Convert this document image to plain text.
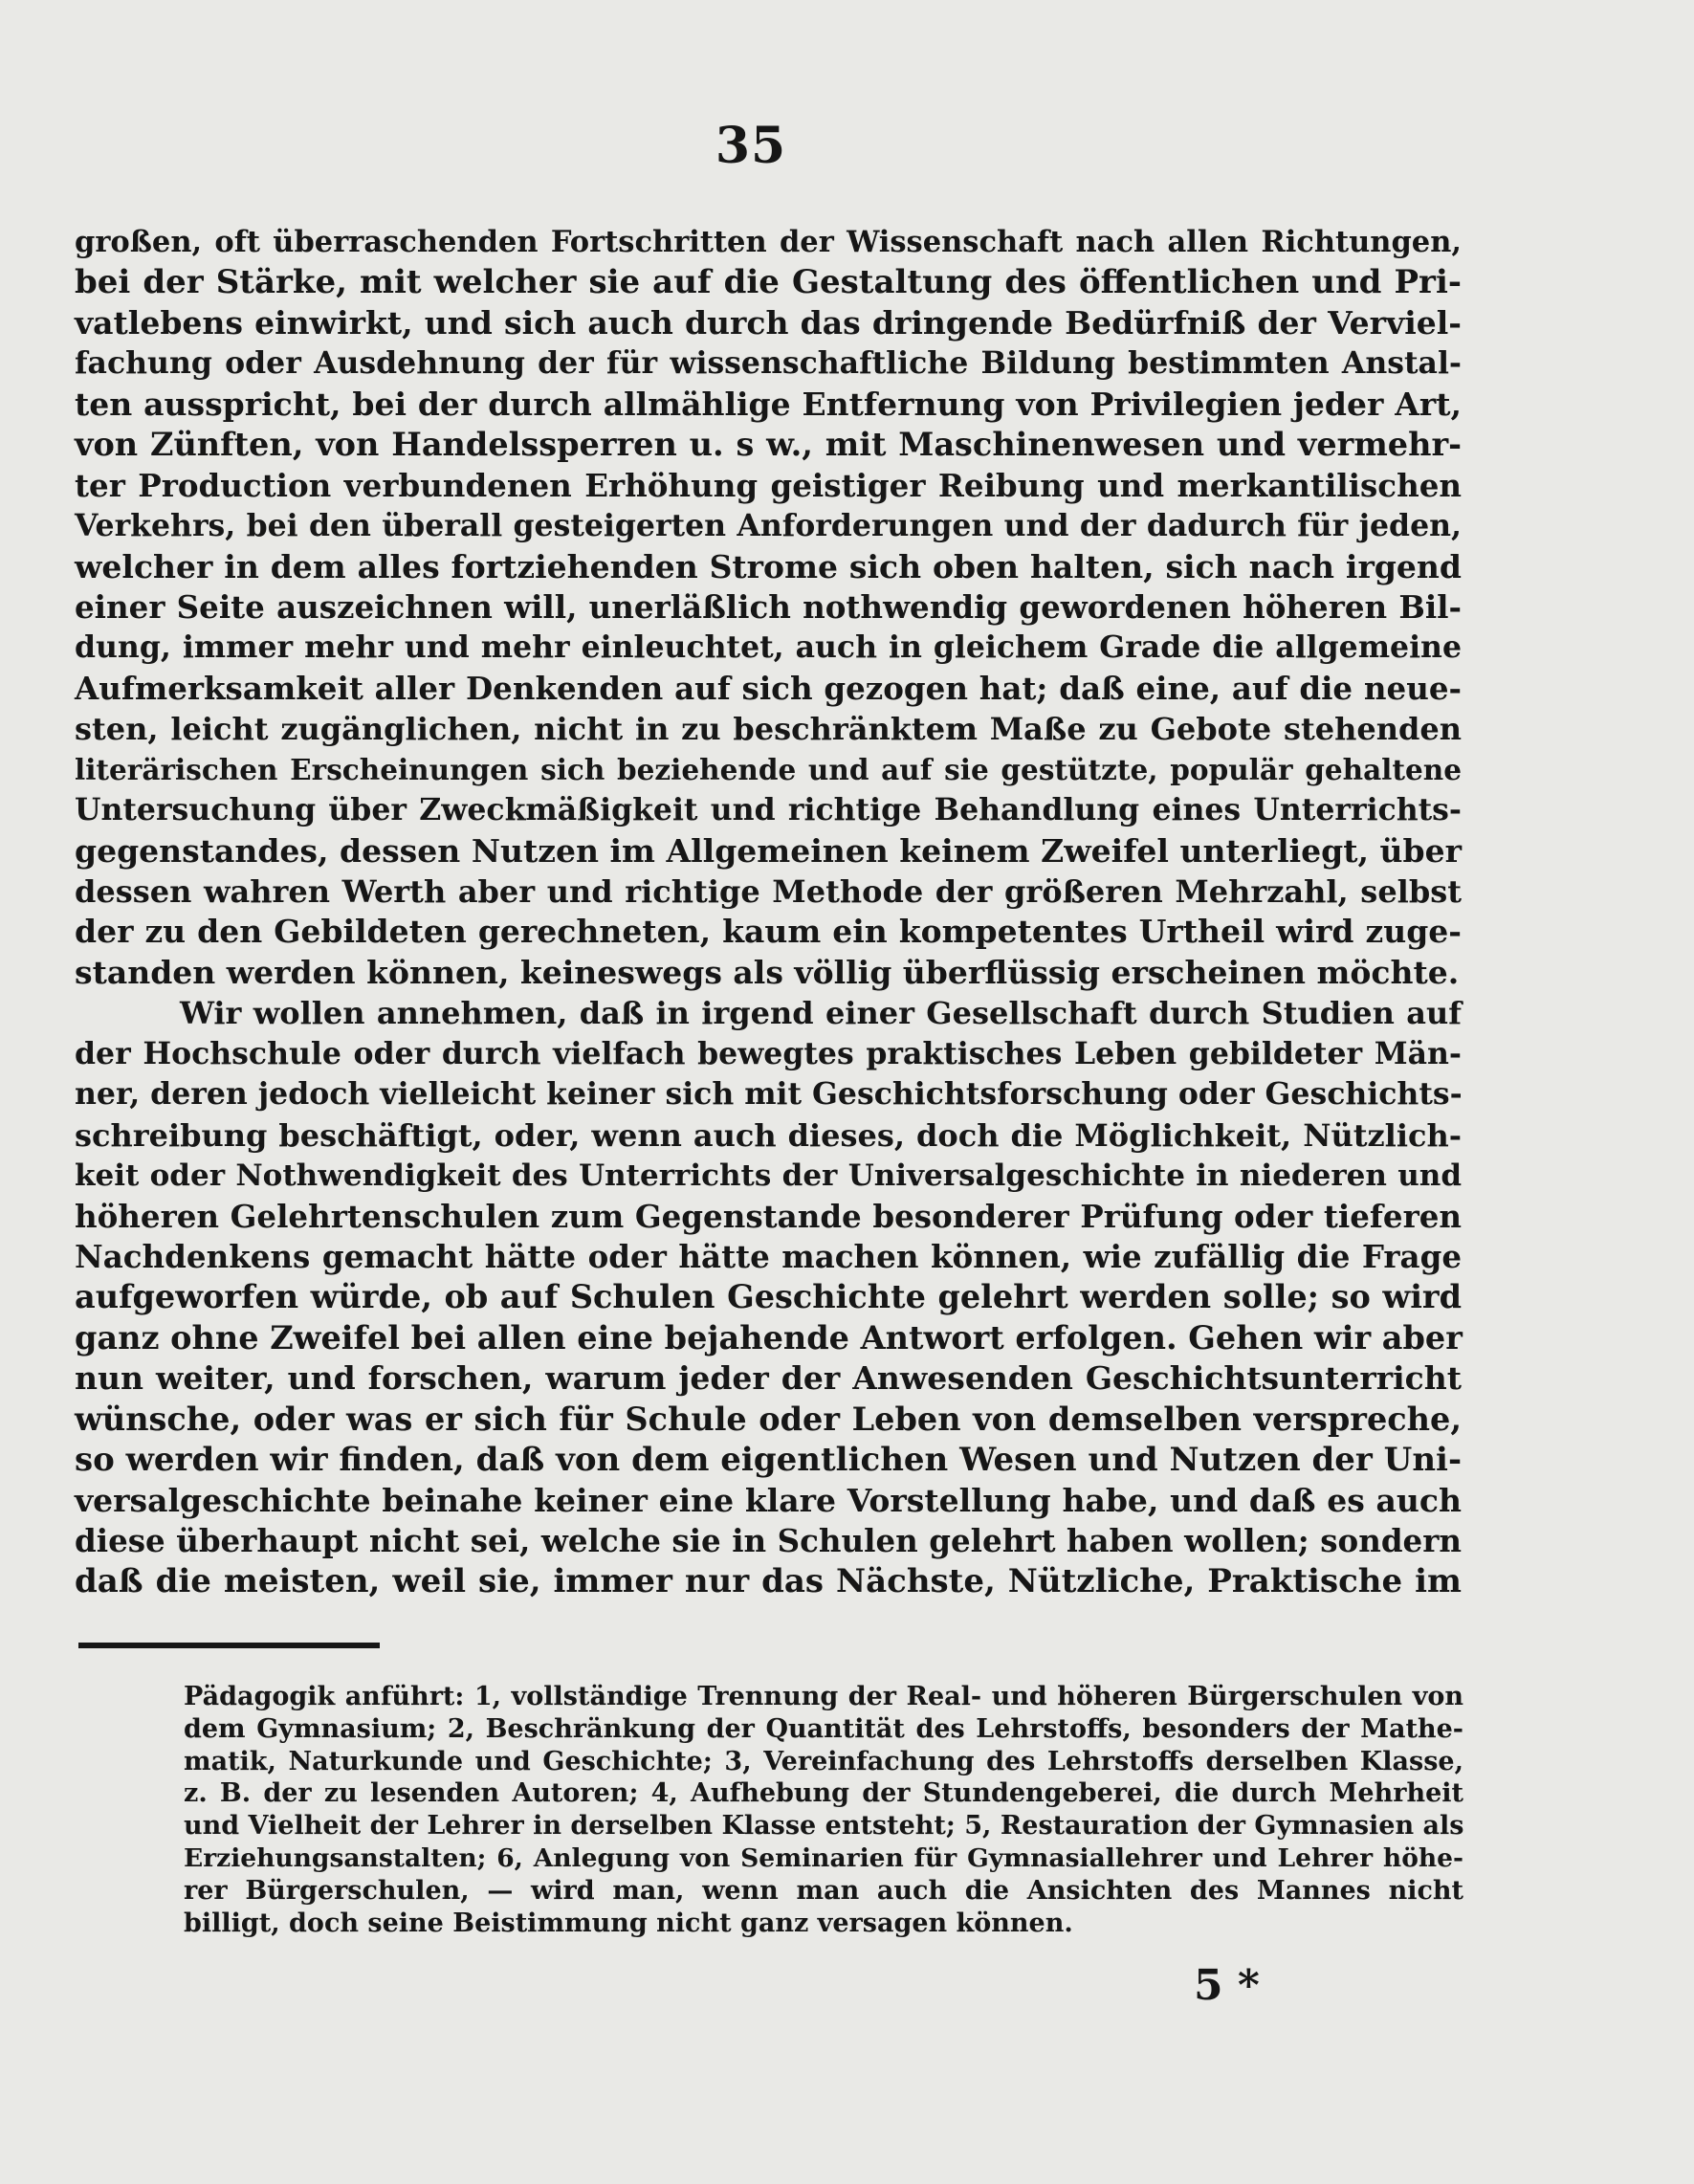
35
großen, oft überraschenden Fortschritten der Wissenschaft nach allen Richtungen,
bei der Stärke, mit welcher sie auf die Gestaltung des öffentlichen und Pri-
vatlebens einwirkt, und sich auch durch das dringende Bedürfniß der Verviel-
fachung oder Ausdehnung der für wissenschaftliche Bildung bestimmten Anstal-
ten ausspricht, bei der durch allmählige Entfernung von Privilegien jeder Art,
von Zünften, von Handelssperren u. s w., mit Maschinenwesen und vermehr-
ter Production verbundenen Erhöhung geistiger Reibung und merkantilischen
Verkehrs, bei den überall gesteigerten Anforderungen und der dadurch für jeden,
welcher in dem alles fortziehenden Strome sich oben halten, sich nach irgend
einer Seite auszeichnen will, unerläßlich nothwendig gewordenen höheren Bil-
dung, immer mehr und mehr einleuchtet, auch in gleichem Grade die allgemeine
Aufmerksamkeit aller Denkenden auf sich gezogen hat; daß eine, auf die neue-
sten, leicht zugänglichen, nicht in zu beschränktem Maße zu Gebote stehenden
literärischen Erscheinungen sich beziehende und auf sie gestützte, populär gehaltene
Untersuchung über Zweckmäßigkeit und richtige Behandlung eines Unterrichts-
gegenstandes, dessen Nutzen im Allgemeinen keinem Zweifel unterliegt, über
dessen wahren Werth aber und richtige Methode der größeren Mehrzahl, selbst
der zu den Gebildeten gerechneten, kaum ein kompetentes Urtheil wird zuge-
standen werden können, keineswegs als völlig überflüssig erscheinen möchte.
Wir wollen annehmen, daß in irgend einer Gesellschaft durch Studien auf
der Hochschule oder durch vielfach bewegtes praktisches Leben gebildeter Män-
ner, deren jedoch vielleicht keiner sich mit Geschichtsforschung oder Geschichts-
schreibung beschäftigt, oder, wenn auch dieses, doch die Möglichkeit, Nützlich-
keit oder Nothwendigkeit des Unterrichts der Universalgeschichte in niederen und
höheren Gelehrtenschulen zum Gegenstande besonderer Prüfung oder tieferen
Nachdenkens gemacht hätte oder hätte machen können, wie zufällig die Frage
aufgeworfen würde, ob auf Schulen Geschichte gelehrt werden solle; so wird
ganz ohne Zweifel bei allen eine bejahende Antwort erfolgen. Gehen wir aber
nun weiter, und forschen, warum jeder der Anwesenden Geschichtsunterricht
wünsche, oder was er sich für Schule oder Leben von demselben verspreche,
so werden wir finden, daß von dem eigentlichen Wesen und Nutzen der Uni-
versalgeschichte beinahe keiner eine klare Vorstellung habe, und daß es auch
diese überhaupt nicht sei, welche sie in Schulen gelehrt haben wollen; sondern
daß die meisten, weil sie, immer nur das Nächste, Nützliche, Praktische im
Pädagogik anführt: 1, vollständige Trennung der Real- und höheren Bürgerschulen von
dem Gymnasium; 2, Beschränkung der Quantität des Lehrstoffs, besonders der Mathe-
matik, Naturkunde und Geschichte; 3, Vereinfachung des Lehrstoffs derselben Klasse,
z. B. der zu lesenden Autoren; 4, Aufhebung der Stundengeberei, die durch Mehrheit
und Vielheit der Lehrer in derselben Klasse entsteht; 5, Restauration der Gymnasien als
Erziehungsanstalten; 6, Anlegung von Seminarien für Gymnasiallehrer und Lehrer höhe-
rer Bürgerschulen, — wird man, wenn man auch die Ansichten des Mannes nicht
billigt, doch seine Beistimmung nicht ganz versagen können.
5 *
